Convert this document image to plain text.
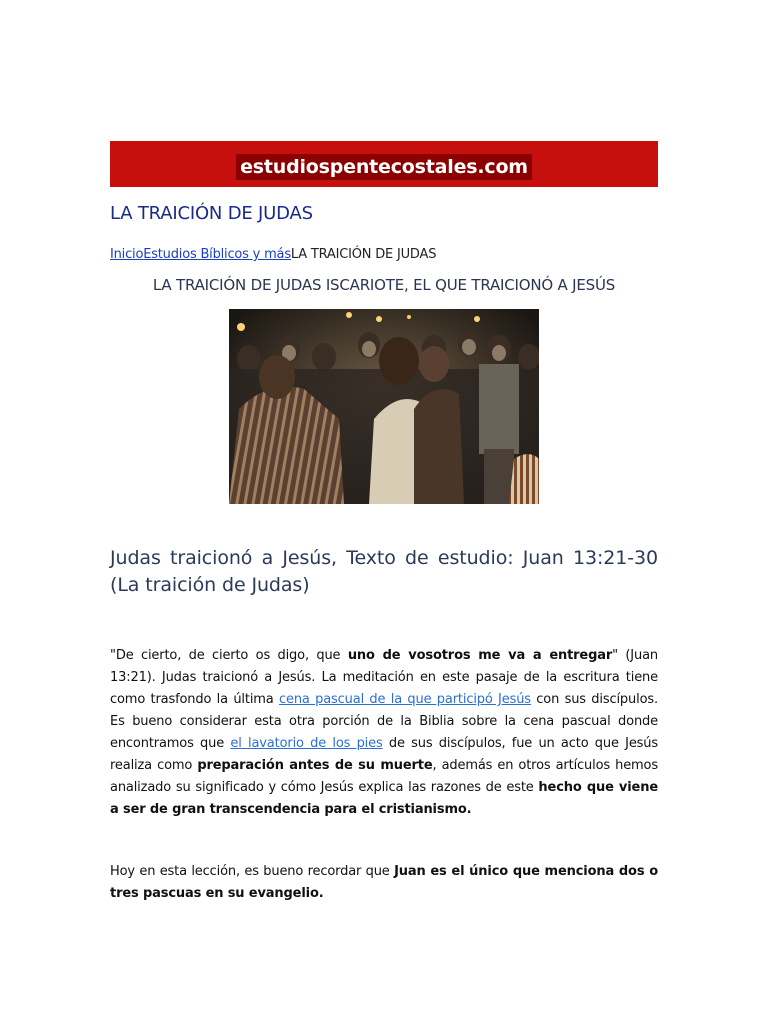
estudiospentecostales.com
LA TRAICIÓN DE JUDAS
InicioEstudios Bíblicos y másLA TRAICIÓN DE JUDAS
LA TRAICIÓN DE JUDAS ISCARIOTE, EL QUE TRAICIONÓ A JESÚS
Judas traicionó a Jesús, Texto de estudio: Juan 13:21-30 (La traición de Judas)

"De cierto, de cierto os digo, que uno de vosotros me va a entregar" (Juan 13:21). Judas traicionó a Jesús. La meditación en este pasaje de la escritura tiene como trasfondo la última cena pascual de la que participó Jesús con sus discípulos. Es bueno considerar esta otra porción de la Biblia sobre la cena pascual donde encontramos que el lavatorio de los pies de sus discípulos, fue un acto que Jesús realiza como preparación antes de su muerte, además en otros artículos hemos analizado su significado y cómo Jesús explica las razones de este hecho que viene a ser de gran transcendencia para el cristianismo.

Hoy en esta lección, es bueno recordar que Juan es el único que menciona dos o tres pascuas en su evangelio.
